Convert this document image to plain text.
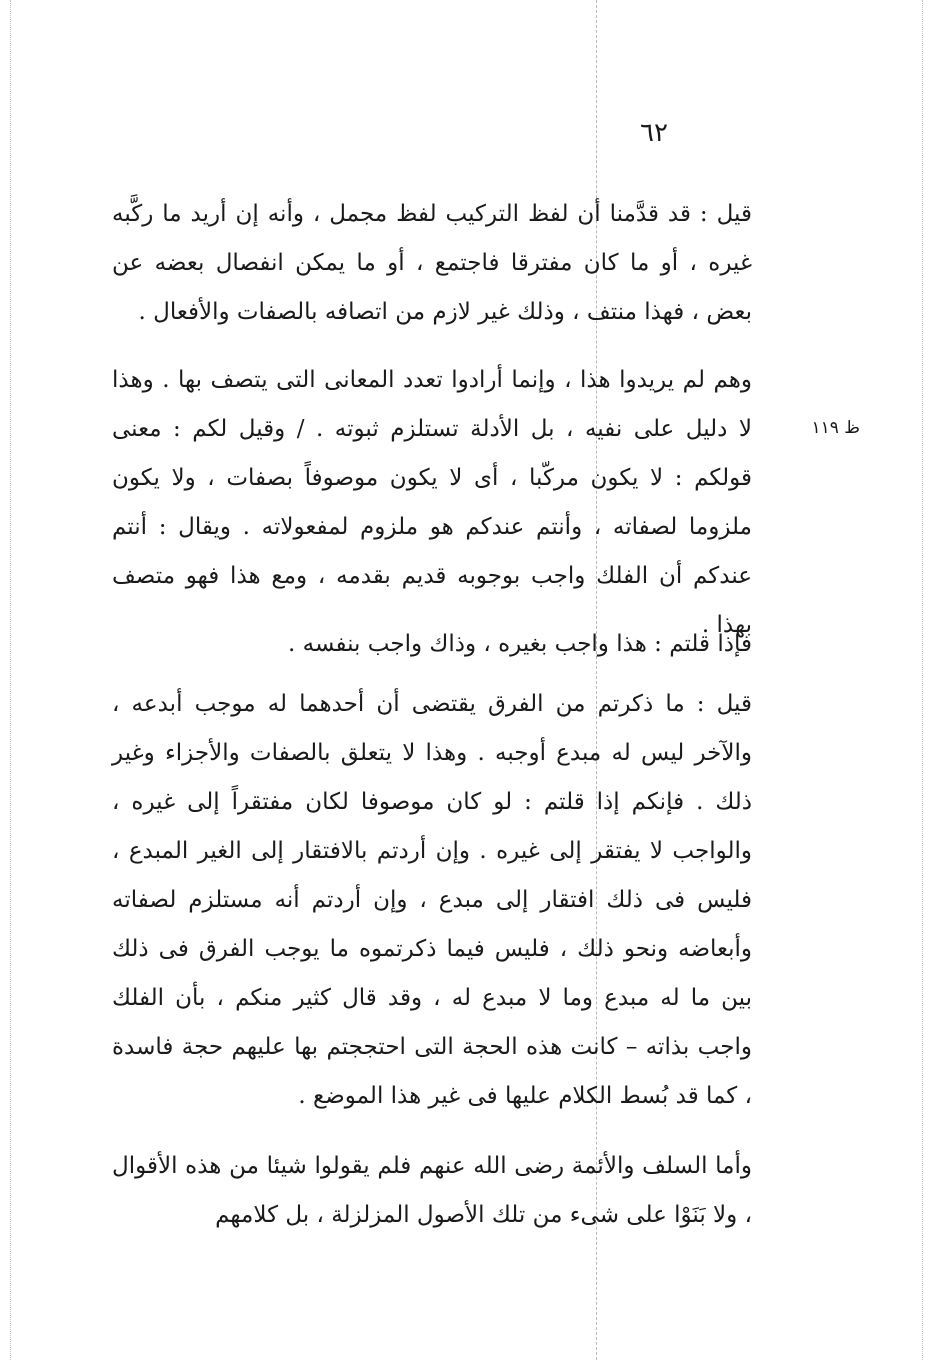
٦٢
ظ ١١٩

قيل : قد قدَّمنا أن لفظ التركيب لفظ مجمل ، وأنه إن أريد ما ركَّبه غيره ، أو ما كان مفترقا فاجتمع ، أو ما يمكن انفصال بعضه عن بعض ، فهذا منتف ، وذلك غير لازم من اتصافه بالصفات والأفعال .

وهم لم يريدوا هذا ، وإنما أرادوا تعدد المعانى التى يتصف بها . وهذا لا دليل على نفيه ، بل الأدلة تستلزم ثبوته . / وقيل لكم : معنى قولكم : لا يكون مركّبا ، أى لا يكون موصوفاً بصفات ، ولا يكون ملزوما لصفاته ، وأنتم عندكم هو ملزوم لمفعولاته . ويقال : أنتم عندكم أن الفلك واجب بوجوبه قديم بقدمه ، ومع هذا فهو متصف بهذا .

فإذا قلتم : هذا واجب بغيره ، وذاك واجب بنفسه .

قيل : ما ذكرتم من الفرق يقتضى أن أحدهما له موجب أبدعه ، والآخر ليس له مبدع أوجبه . وهذا لا يتعلق بالصفات والأجزاء وغير ذلك . فإنكم إذا قلتم : لو كان موصوفا لكان مفتقراً إلى غيره ، والواجب لا يفتقر إلى غيره . وإن أردتم بالافتقار إلى الغير المبدع ، فليس فى ذلك افتقار إلى مبدع ، وإن أردتم أنه مستلزم لصفاته وأبعاضه ونحو ذلك ، فليس فيما ذكرتموه ما يوجب الفرق فى ذلك بين ما له مبدع وما لا مبدع له ، وقد قال كثير منكم ، بأن الفلك واجب بذاته – كانت هذه الحجة التى احتججتم بها عليهم حجة فاسدة ، كما قد بُسط الكلام عليها فى غير هذا الموضع .

وأما السلف والأئمة رضى الله عنهم فلم يقولوا شيئا من هذه الأقوال ، ولا بَنَوْا على شىء من تلك الأصول المزلزلة ، بل كلامهم
